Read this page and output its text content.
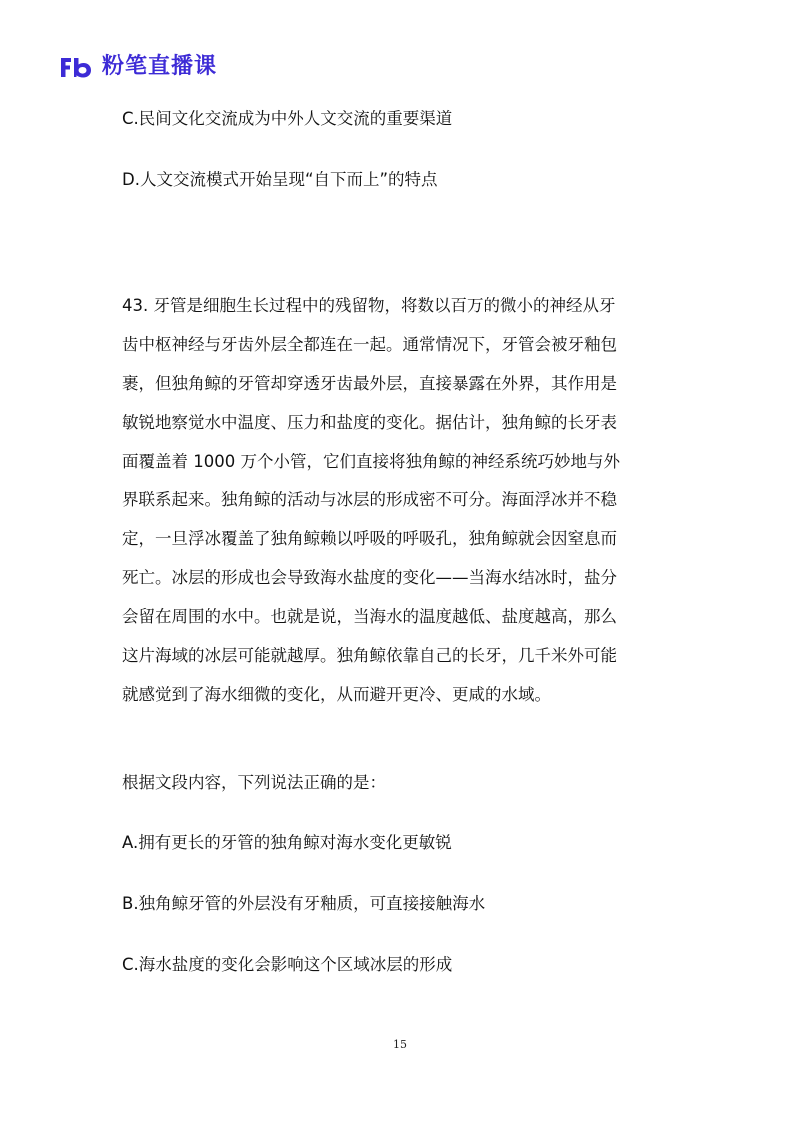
粉笔直播课
C.民间文化交流成为中外人文交流的重要渠道
D.人文交流模式开始呈现“自下而上”的特点
43. 牙管是细胞生长过程中的残留物，将数以百万的微小的神经从牙
齿中枢神经与牙齿外层全都连在一起。通常情况下，牙管会被牙釉包
裹，但独角鲸的牙管却穿透牙齿最外层，直接暴露在外界，其作用是
敏锐地察觉水中温度、压力和盐度的变化。据估计，独角鲸的长牙表
面覆盖着 1000 万个小管，它们直接将独角鲸的神经系统巧妙地与外
界联系起来。独角鲸的活动与冰层的形成密不可分。海面浮冰并不稳
定，一旦浮冰覆盖了独角鲸赖以呼吸的呼吸孔，独角鲸就会因窒息而
死亡。冰层的形成也会导致海水盐度的变化——当海水结冰时，盐分
会留在周围的水中。也就是说，当海水的温度越低、盐度越高，那么
这片海域的冰层可能就越厚。独角鲸依靠自己的长牙，几千米外可能
就感觉到了海水细微的变化，从而避开更冷、更咸的水域。
根据文段内容，下列说法正确的是：
A.拥有更长的牙管的独角鲸对海水变化更敏锐
B.独角鲸牙管的外层没有牙釉质，可直接接触海水
C.海水盐度的变化会影响这个区域冰层的形成
15
